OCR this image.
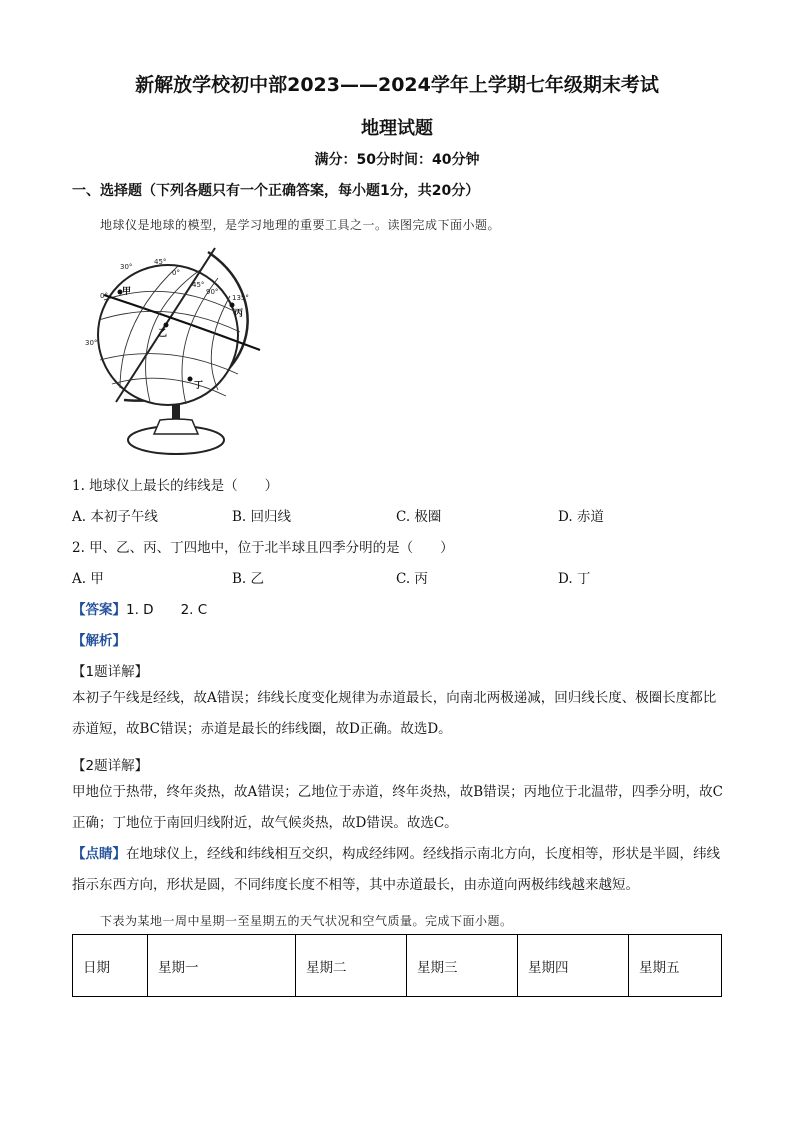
新解放学校初中部2023——2024学年上学期七年级期末考试
地理试题
满分：50分时间：40分钟
一、选择题（下列各题只有一个正确答案，每小题1分，共20分）
地球仪是地球的模型，是学习地理的重要工具之一。读图完成下面小题。
30°
45°
0°
45°
90°
135°
0°
30°
甲
乙
丙
丁
1. 地球仪上最长的纬线是（　　）
A. 本初子午线	B. 回归线	C. 极圈	D. 赤道
2. 甲、乙、丙、丁四地中，位于北半球且四季分明的是（　　）
A. 甲	B. 乙	C. 丙	D. 丁
【答案】1. D　　2. C
【解析】
【1题详解】
本初子午线是经线，故A错误；纬线长度变化规律为赤道最长，向南北两极递减，回归线长度、极圈长度都比赤道短，故BC错误；赤道是最长的纬线圈，故D正确。故选D。
【2题详解】
甲地位于热带，终年炎热，故A错误；乙地位于赤道，终年炎热，故B错误；丙地位于北温带，四季分明，故C正确；丁地位于南回归线附近，故气候炎热，故D错误。故选C。
【点睛】在地球仪上，经线和纬线相互交织，构成经纬网。经线指示南北方向，长度相等，形状是半圆，纬线指示东西方向，形状是圆，不同纬度长度不相等，其中赤道最长，由赤道向两极纬线越来越短。
下表为某地一周中星期一至星期五的天气状况和空气质量。完成下面小题。
日期	星期一	星期二	星期三	星期四	星期五
